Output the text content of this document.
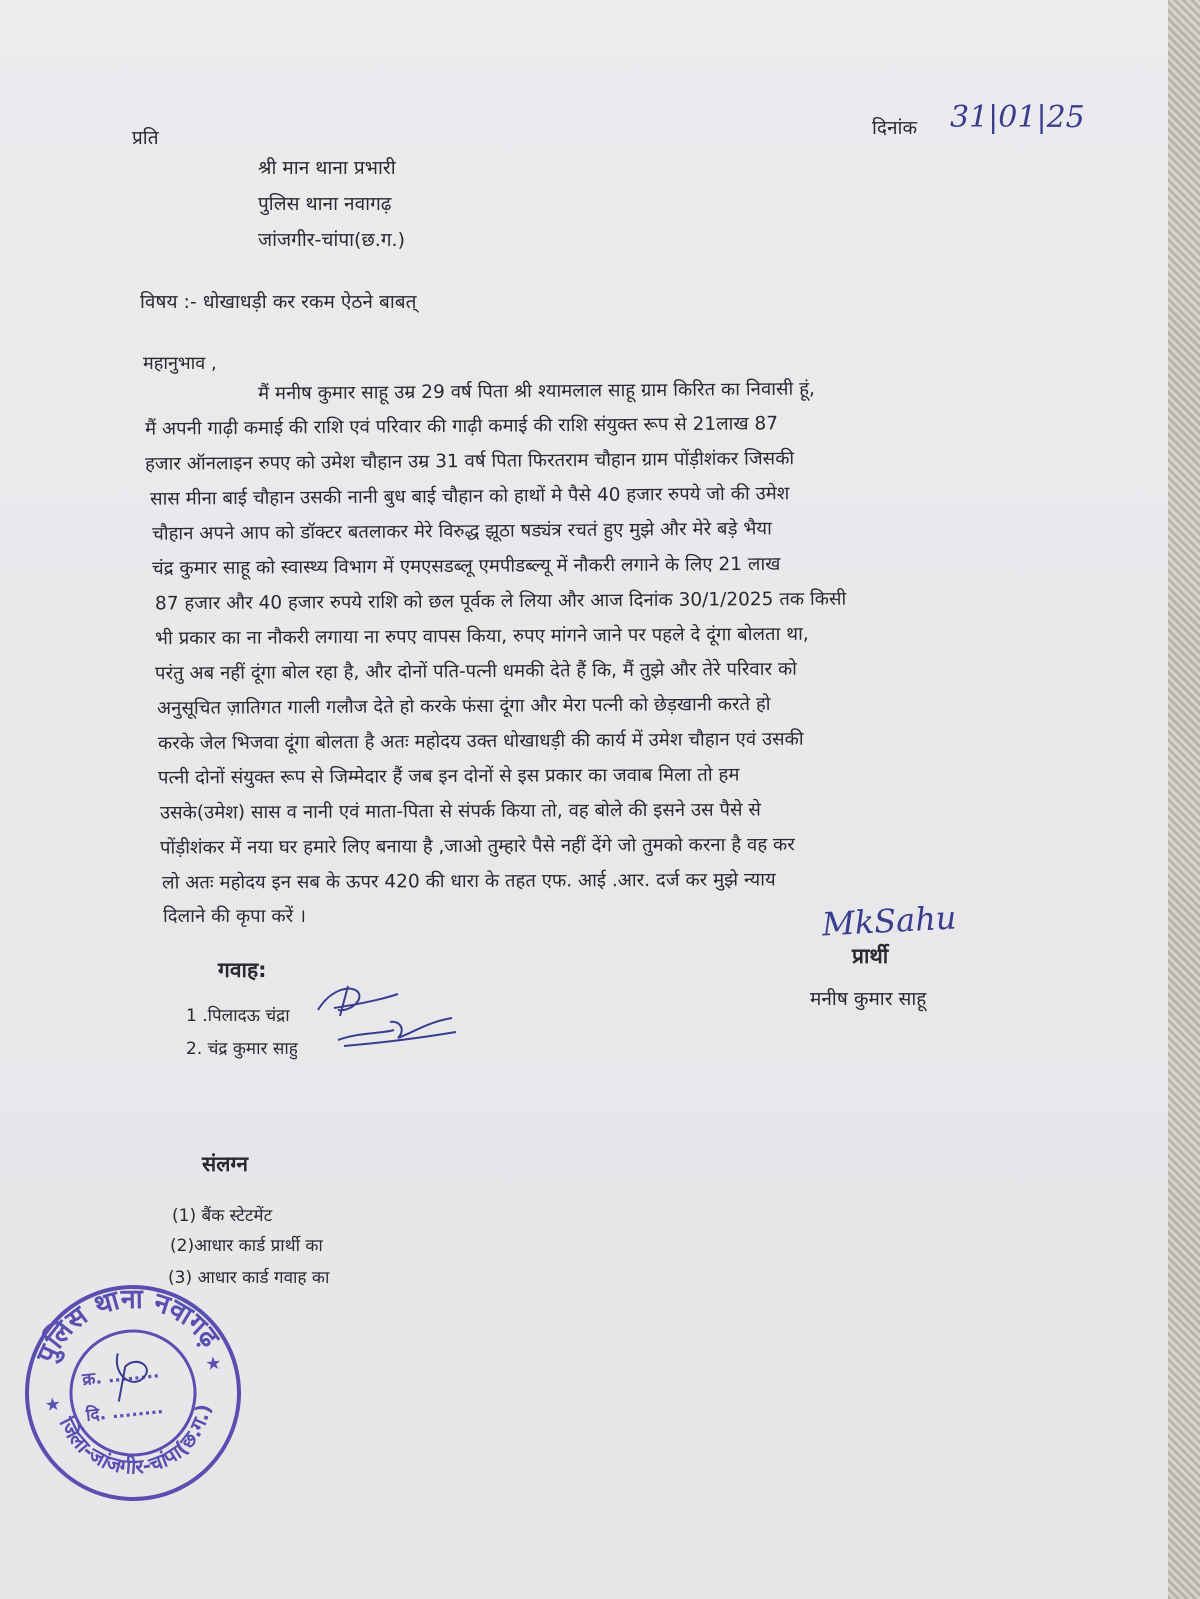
प्रति	दिनांक 31|01|25
श्री मान थाना प्रभारी
पुलिस थाना नवागढ़
जांजगीर-चांपा(छ.ग.)
विषय :- धोखाधड़ी कर रकम ऐठने बाबत्
महानुभाव ,
मैं मनीष कुमार साहू उम्र 29 वर्ष पिता श्री श्यामलाल साहू ग्राम किरित का निवासी हूं,
मैं अपनी गाढ़ी कमाई की राशि एवं परिवार की गाढ़ी कमाई की राशि संयुक्त रूप से 21लाख 87
हजार ऑनलाइन रुपए को उमेश चौहान उम्र 31 वर्ष पिता फिरतराम चौहान ग्राम पोंड़ीशंकर जिसकी
सास मीना बाई चौहान उसकी नानी बुध बाई चौहान को हाथों मे पैसे 40 हजार रुपये जो की उमेश
चौहान अपने आप को डॉक्टर बतलाकर मेरे विरुद्ध झूठा षड्यंत्र रचतं हुए मुझे और मेरे बड़े भैया
चंद्र कुमार साहू को स्वास्थ्य विभाग में एमएसडब्लू एमपीडब्ल्यू में नौकरी लगाने के लिए 21 लाख
87 हजार और 40 हजार रुपये राशि को छल पूर्वक ले लिया और आज दिनांक 30/1/2025 तक किसी
भी प्रकार का ना नौकरी लगाया ना रुपए वापस किया, रुपए मांगने जाने पर पहले दे दूंगा बोलता था,
परंतु अब नहीं दूंगा बोल रहा है, और दोनों पति-पत्नी धमकी देते हैं कि, मैं तुझे और तेरे परिवार को
अनुसूचित ज़ातिगत गाली गलौज देते हो करके फंसा दूंगा और मेरा पत्नी को छेड़खानी करते हो
करके जेल भिजवा दूंगा बोलता है अतः महोदय उक्त धोखाधड़ी की कार्य में उमेश चौहान एवं उसकी
पत्नी दोनों संयुक्त रूप से जिम्मेदार हैं जब इन दोनों से इस प्रकार का जवाब मिला तो हम
उसके(उमेश) सास व नानी एवं माता-पिता से संपर्क किया तो, वह बोले की इसने उस पैसे से
पोंड़ीशंकर में नया घर हमारे लिए बनाया है ,जाओ तुम्हारे पैसे नहीं देंगे जो तुमको करना है वह कर
लो अतः महोदय इन सब के ऊपर 420 की धारा के तहत एफ. आई .आर. दर्ज कर मुझे न्याय
दिलाने की कृपा करें ।	MkSahu
प्रार्थी
मनीष कुमार साहू
गवाह:
1 .पिलादऊ चंद्रा
2. चंद्र कुमार साहु
संलग्न
(1) बैंक स्टेटमेंट
(2)आधार कार्ड प्रार्थी का
(3) आधार कार्ड गवाह का
पुलिस थाना नवागढ़
जिला-जांजगीर-चांपा(छ.ग.)
★
★
क्र. ........
दि. ........
